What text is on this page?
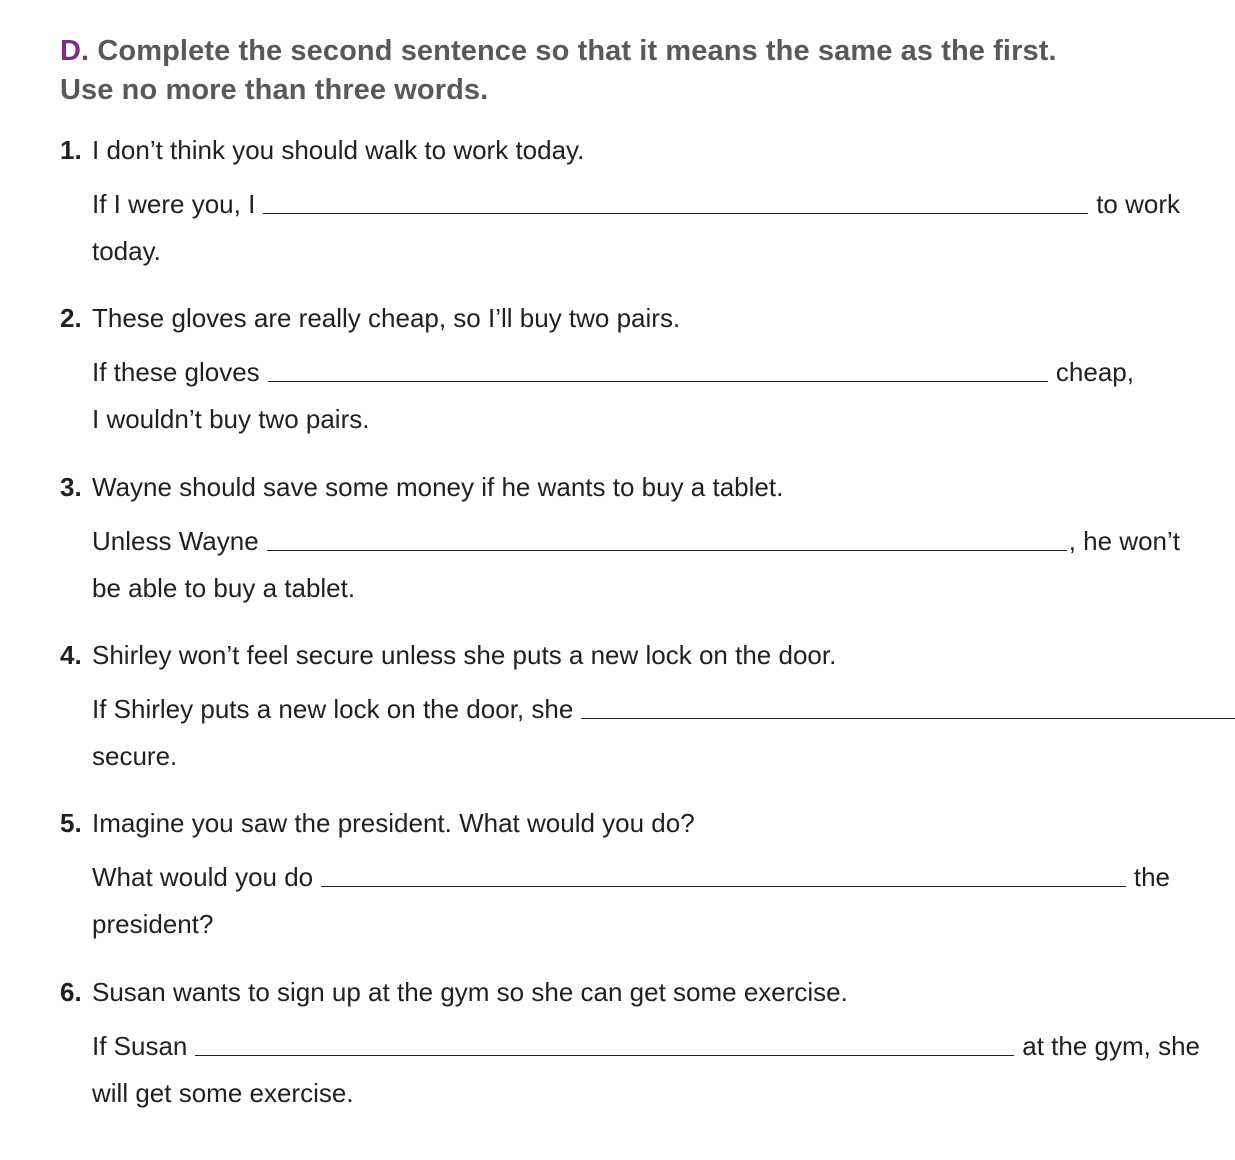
D. Complete the second sentence so that it means the same as the first.
Use no more than three words.
1. I don’t think you should walk to work today.
If I were you, I	to work
today.
2. These gloves are really cheap, so I’ll buy two pairs.
If these gloves	cheap,
I wouldn’t buy two pairs.
3. Wayne should save some money if he wants to buy a tablet.
Unless Wayne	, he won’t
be able to buy a tablet.
4. Shirley won’t feel secure unless she puts a new lock on the door.
If Shirley puts a new lock on the door, she
secure.
5. Imagine you saw the president. What would you do?
What would you do	the
president?
6. Susan wants to sign up at the gym so she can get some exercise.
If Susan	at the gym, she
will get some exercise.
